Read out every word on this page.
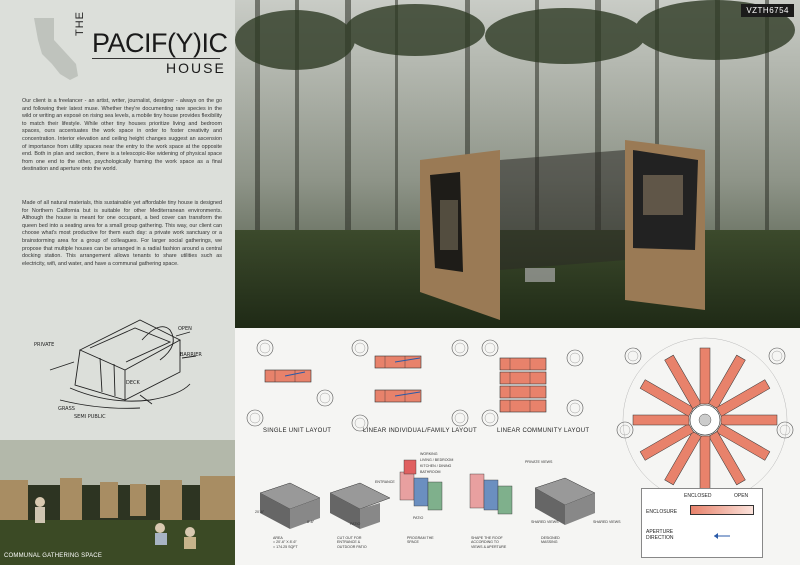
THE
PACIF(Y)IC
HOUSE

Our client is a freelancer - an artist, writer, journalist, designer - always on the go and following their latest muse. Whether they're documenting rare species in the wild or writing an exposé on rising sea levels, a mobile tiny house provides flexibility to match their lifestyle. While other tiny houses prioritize living and bedroom spaces, ours accentuates the work space in order to foster creativity and concentration. Interior elevation and ceiling height changes suggest an ascension of importance from utility spaces near the entry to the work space at the opposite end. Both in plan and section, there is a telescopic-like widening of physical space from one end to the other, psychologically framing the work space as a final destination and aperture onto the world.

Made of all natural materials, this sustainable yet affordable tiny house is designed for Northern California but is suitable for other Mediterranean environments. Although the house is meant for one occupant, a bed cover can transform the queen bed into a seating area for a small group gathering. This way, our client can choose what's most productive for them each day: a private work sanctuary or a brainstorming area for a group of colleagues. For larger social gatherings, we propose that multiple houses can be arranged in a radial fashion around a central docking station. This arrangement allows tenants to share utilities such as electricity, wifi, and water, and have a communal gathering space.

OPEN
PRIVATE
BARRIER
DECK
GRASS
SEMI PUBLIC
VZTH6754
COMMUNAL GATHERING SPACE
SINGLE UNIT LAYOUT	LINEAR INDIVIDUAL/FAMILY LAYOUT	LINEAR COMMUNITY LAYOUT
20'-6"
8'-6"
ENTRANCE
PATIO
WORKING
LIVING / BEDROOM
KITCHEN / DINING
BATHROOM
PATIO
PRIVATE VIEWS
SHARED VIEWS	SHARED VIEWS
AREA
= 20'-6" X 8'-6"
= 174.25 SQFT
CUT OUT FOR
ENTRANCE &
OUTDOOR PATIO
PROGRAM THE
SPACE
SHAPE THE ROOF
ACCORDING TO
VIEWS & APERTURE
DESIGNED
MASSING
ENCLOSED	OPEN
ENCLOSURE
APERTURE
DIRECTION
